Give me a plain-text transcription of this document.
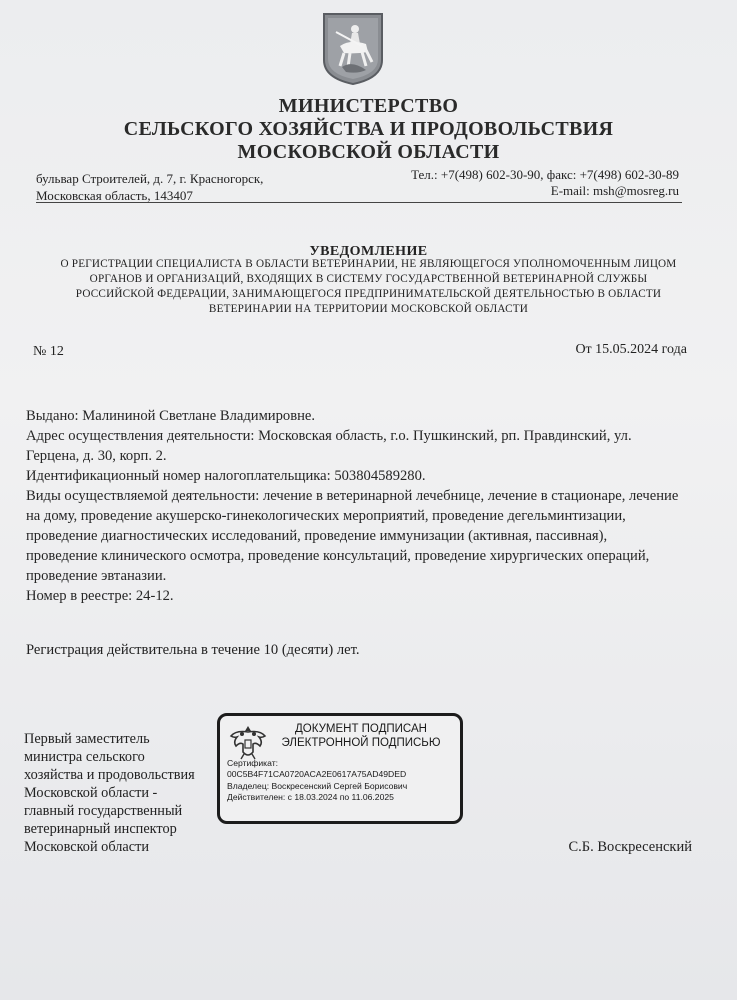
МИНИСТЕРСТВО
СЕЛЬСКОГО ХОЗЯЙСТВА И ПРОДОВОЛЬСТВИЯ
МОСКОВСКОЙ ОБЛАСТИ
бульвар Строителей, д. 7, г. Красногорск,
Московская область, 143407
Тел.: +7(498) 602-30-90, факс: +7(498) 602-30-89
E-mail: msh@mosreg.ru
УВЕДОМЛЕНИЕ
О РЕГИСТРАЦИИ СПЕЦИАЛИСТА В ОБЛАСТИ ВЕТЕРИНАРИИ, НЕ ЯВЛЯЮЩЕГОСЯ УПОЛНОМОЧЕННЫМ ЛИЦОМ
ОРГАНОВ И ОРГАНИЗАЦИЙ, ВХОДЯЩИХ В СИСТЕМУ ГОСУДАРСТВЕННОЙ ВЕТЕРИНАРНОЙ СЛУЖБЫ
РОССИЙСКОЙ ФЕДЕРАЦИИ, ЗАНИМАЮЩЕГОСЯ ПРЕДПРИНИМАТЕЛЬСКОЙ ДЕЯТЕЛЬНОСТЬЮ В ОБЛАСТИ
ВЕТЕРИНАРИИ НА ТЕРРИТОРИИ МОСКОВСКОЙ ОБЛАСТИ
№ 12	От 15.05.2024 года
Выдано: Малининой Светлане Владимировне.
Адрес осуществления деятельности: Московская область, г.о. Пушкинский, рп. Правдинский, ул.
Герцена, д. 30, корп. 2.
Идентификационный номер налогоплательщика: 503804589280.
Виды осуществляемой деятельности: лечение в ветеринарной лечебнице, лечение в стационаре, лечение
на дому, проведение акушерско-гинекологических мероприятий, проведение дегельминтизации,
проведение диагностических исследований, проведение иммунизации (активная, пассивная),
проведение клинического осмотра, проведение консультаций, проведение хирургических операций,
проведение эвтаназии.
Номер в реестре: 24-12.
Регистрация действительна в течение 10 (десяти) лет.
Первый заместитель
министра сельского
хозяйства и продовольствия
Московской области -
главный государственный
ветеринарный инспектор
Московской области
ДОКУМЕНТ ПОДПИСАН
ЭЛЕКТРОННОЙ ПОДПИСЬЮ
Сертификат:
00C5B4F71CA0720ACA2E0617A75AD49DED
Владелец: Воскресенский Сергей Борисович
Действителен: с 18.03.2024 по 11.06.2025
С.Б. Воскресенский
